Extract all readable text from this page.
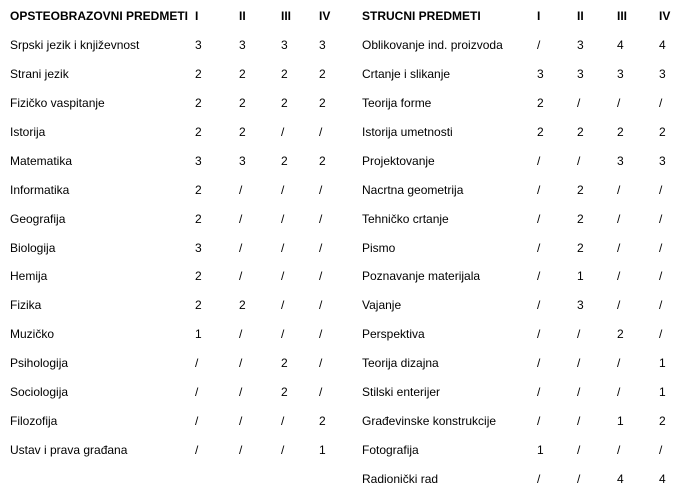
OPSTEOBRAZOVNI PREDMETI	I	II	III	IV	STRUCNI PREDMETI	I	II	III	IV
Srpski jezik i književnost	3	3	3	3	Oblikovanje ind. proizvoda	/	3	4	4
Strani jezik	2	2	2	2	Crtanje i slikanje	3	3	3	3
Fizičko vaspitanje	2	2	2	2	Teorija forme	2	/	/	/
Istorija	2	2	/	/	Istorija umetnosti	2	2	2	2
Matematika	3	3	2	2	Projektovanje	/	/	3	3
Informatika	2	/	/	/	Nacrtna geometrija	/	2	/	/
Geografija	2	/	/	/	Tehničko crtanje	/	2	/	/
Biologija	3	/	/	/	Pismo	/	2	/	/
Hemija	2	/	/	/	Poznavanje materijala	/	1	/	/
Fizika	2	2	/	/	Vajanje	/	3	/	/
Muzičko	1	/	/	/	Perspektiva	/	/	2	/
Psihologija	/	/	2	/	Teorija dizajna	/	/	/	1
Sociologija	/	/	2	/	Stilski enterijer	/	/	/	1
Filozofija	/	/	/	2	Građevinske konstrukcije	/	/	1	2
Ustav i prava građana	/	/	/	1	Fotografija	1	/	/	/
					Radionički rad	/	/	4	4
